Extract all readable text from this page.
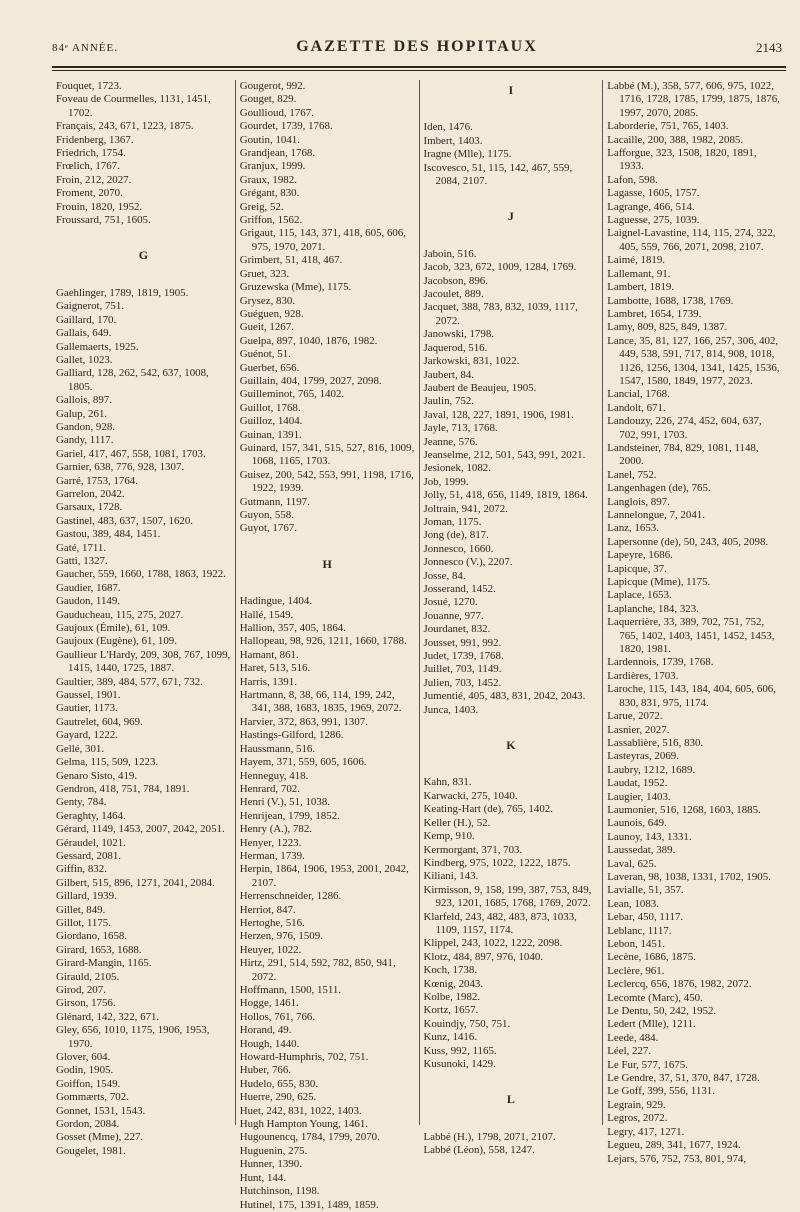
84ᵉ ANNÉE.	GAZETTE DES HOPITAUX	2143

Fouquet, 1723.

Foveau de Courmelles, 1131, 1451, 1702.

Français, 243, 671, 1223, 1875.

Fridenberg, 1367.

Friedrich, 1754.

Frœlich, 1767.

Froin, 212, 2027.

Froment, 2070.

Frouin, 1820, 1952.

Froussard, 751, 1605.

G

Gaehlinger, 1789, 1819, 1905.

Gaignerot, 751.

Gaillard, 170.

Gallais, 649.

Gallemaerts, 1925.

Gallet, 1023.

Galliard, 128, 262, 542, 637, 1008, 1805.

Gallois, 897.

Galup, 261.

Gandon, 928.

Gandy, 1117.

Gariel, 417, 467, 558, 1081, 1703.

Garnier, 638, 776, 928, 1307.

Garré, 1753, 1764.

Garrelon, 2042.

Garsaux, 1728.

Gastinel, 483, 637, 1507, 1620.

Gastou, 389, 484, 1451.

Gaté, 1711.

Gatti, 1327.

Gaucher, 559, 1660, 1788, 1863, 1922.

Gaudier, 1687.

Gaudon, 1149.

Gauducheau, 115, 275, 2027.

Gaujoux (Émile), 61, 109.

Gaujoux (Eugène), 61, 109.

Gaullieur L'Hardy, 209, 308, 767, 1099, 1415, 1440, 1725, 1887.

Gaultier, 389, 484, 577, 671, 732.

Gaussel, 1901.

Gautier, 1173.

Gautrelet, 604, 969.

Gayard, 1222.

Gellé, 301.

Gelma, 115, 509, 1223.

Genaro Sisto, 419.

Gendron, 418, 751, 784, 1891.

Genty, 784.

Geraghty, 1464.

Gérard, 1149, 1453, 2007, 2042, 2051.

Géraudel, 1021.

Gessard, 2081.

Giffin, 832.

Gilbert, 515, 896, 1271, 2041, 2084.

Gillard, 1939.

Gillet, 849.

Gillot, 1175.

Giordano, 1658.

Girard, 1653, 1688.

Girard-Mangin, 1165.

Girauld, 2105.

Girod, 207.

Girson, 1756.

Glénard, 142, 322, 671.

Gley, 656, 1010, 1175, 1906, 1953, 1970.

Glover, 604.

Godin, 1905.

Goiffon, 1549.

Gommærts, 702.

Gonnet, 1531, 1543.

Gordon, 2084.

Gosset (Mme), 227.

Gougelet, 1981.

Gougerot, 992.

Gouget, 829.

Goullioud, 1767.

Gourdet, 1739, 1768.

Goutin, 1041.

Grandjean, 1768.

Granjux, 1999.

Graux, 1982.

Grégant, 830.

Greig, 52.

Griffon, 1562.

Grigaut, 115, 143, 371, 418, 605, 606, 975, 1970, 2071.

Grimbert, 51, 418, 467.

Gruet, 323.

Gruzewska (Mme), 1175.

Grysez, 830.

Guéguen, 928.

Gueit, 1267.

Guelpa, 897, 1040, 1876, 1982.

Guénot, 51.

Guerbet, 656.

Guillain, 404, 1799, 2027, 2098.

Guilleminot, 765, 1402.

Guillot, 1768.

Guilloz, 1404.

Guinan, 1391.

Guinard, 157, 341, 515, 527, 816, 1009, 1068, 1165, 1703.

Guisez, 200, 542, 553, 991, 1198, 1716, 1922, 1939.

Gutmann, 1197.

Guyon, 558.

Guyot, 1767.

H

Hadingue, 1404.

Hallé, 1549.

Hallion, 357, 405, 1864.

Hallopeau, 98, 926, 1211, 1660, 1788.

Hamant, 861.

Haret, 513, 516.

Harris, 1391.

Hartmann, 8, 38, 66, 114, 199, 242, 341, 388, 1683, 1835, 1969, 2072.

Harvier, 372, 863, 991, 1307.

Hastings-Gilford, 1286.

Haussmann, 516.

Hayem, 371, 559, 605, 1606.

Henneguy, 418.

Henrard, 702.

Henri (V.), 51, 1038.

Henrijean, 1799, 1852.

Henry (A.), 782.

Henyer, 1223.

Herman, 1739.

Herpin, 1864, 1906, 1953, 2001, 2042, 2107.

Herrenschneider, 1286.

Herriot, 847.

Hertoghe, 516.

Herzen, 976, 1509.

Heuyer, 1022.

Hirtz, 291, 514, 592, 782, 850, 941, 2072.

Hoffmann, 1500, 1511.

Hogge, 1461.

Hollos, 761, 766.

Horand, 49.

Hough, 1440.

Howard-Humphris, 702, 751.

Huber, 766.

Hudelo, 655, 830.

Huerre, 290, 625.

Huet, 242, 831, 1022, 1403.

Hugh Hampton Young, 1461.

Hugounencq, 1784, 1799, 2070.

Huguenin, 275.

Hunner, 1390.

Hunt, 144.

Hutchinson, 1198.

Hutinel, 175, 1391, 1489, 1859.

I

Iden, 1476.

Imbert, 1403.

Iragne (Mlle), 1175.

Iscovesco, 51, 115, 142, 467, 559, 2084, 2107.

J

Jaboin, 516.

Jacob, 323, 672, 1009, 1284, 1769.

Jacobson, 896.

Jacoulet, 889.

Jacquet, 388, 783, 832, 1039, 1117, 2072.

Janowski, 1798.

Jaquerod, 516.

Jarkowski, 831, 1022.

Jaubert, 84.

Jaubert de Beaujeu, 1905.

Jaulin, 752.

Javal, 128, 227, 1891, 1906, 1981.

Jayle, 713, 1768.

Jeanne, 576.

Jeanselme, 212, 501, 543, 991, 2021.

Jesionek, 1082.

Job, 1999.

Jolly, 51, 418, 656, 1149, 1819, 1864.

Joltrain, 941, 2072.

Joman, 1175.

Jong (de), 817.

Jonnesco, 1660.

Jonnesco (V.), 2207.

Josse, 84.

Josserand, 1452.

Josué, 1270.

Jouanne, 977.

Jourdanet, 832.

Jousset, 991, 992.

Judet, 1739, 1768.

Juillet, 703, 1149.

Julien, 703, 1452.

Jumentié, 405, 483, 831, 2042, 2043.

Junca, 1403.

K

Kahn, 831.

Karwacki, 275, 1040.

Keating-Hart (de), 765, 1402.

Keller (H.), 52.

Kemp, 910.

Kermorgant, 371, 703.

Kindberg, 975, 1022, 1222, 1875.

Kiliani, 143.

Kirmisson, 9, 158, 199, 387, 753, 849, 923, 1201, 1685, 1768, 1769, 2072.

Klarfeld, 243, 482, 483, 873, 1033, 1109, 1157, 1174.

Klippel, 243, 1022, 1222, 2098.

Klotz, 484, 897, 976, 1040.

Koch, 1738.

Kœnig, 2043.

Kolbe, 1982.

Kortz, 1657.

Kouindjy, 750, 751.

Kunz, 1416.

Kuss, 992, 1165.

Kusunoki, 1429.

L

Labbé (H.), 1798, 2071, 2107.

Labbé (Léon), 558, 1247.

Labbé (M.), 358, 577, 606, 975, 1022, 1716, 1728, 1785, 1799, 1875, 1876, 1997, 2070, 2085.

Laborderie, 751, 765, 1403.

Lacaille, 200, 388, 1982, 2085.

Lafforgue, 323, 1508, 1820, 1891, 1933.

Lafon, 598.

Lagasse, 1605, 1757.

Lagrange, 466, 514.

Laguesse, 275, 1039.

Laignel-Lavastine, 114, 115, 274, 322, 405, 559, 766, 2071, 2098, 2107.

Laimé, 1819.

Lallemant, 91.

Lambert, 1819.

Lambotte, 1688, 1738, 1769.

Lambret, 1654, 1739.

Lamy, 809, 825, 849, 1387.

Lance, 35, 81, 127, 166, 257, 306, 402, 449, 538, 591, 717, 814, 908, 1018, 1126, 1256, 1304, 1341, 1425, 1536, 1547, 1580, 1849, 1977, 2023.

Lancial, 1768.

Landolt, 671.

Landouzy, 226, 274, 452, 604, 637, 702, 991, 1703.

Landsteiner, 784, 829, 1081, 1148, 2000.

Lanel, 752.

Langenhagen (de), 765.

Langlois, 897.

Lannelongue, 7, 2041.

Lanz, 1653.

Lapersonne (de), 50, 243, 405, 2098.

Lapeyre, 1686.

Lapicque, 37.

Lapicque (Mme), 1175.

Laplace, 1653.

Laplanche, 184, 323.

Laquerrière, 33, 389, 702, 751, 752, 765, 1402, 1403, 1451, 1452, 1453, 1820, 1981.

Lardennois, 1739, 1768.

Lardières, 1703.

Laroche, 115, 143, 184, 404, 605, 606, 830, 831, 975, 1174.

Larue, 2072.

Lasnier, 2027.

Lassablière, 516, 830.

Lasteyras, 2069.

Laubry, 1212, 1689.

Laudat, 1952.

Laugier, 1403.

Laumonier, 516, 1268, 1603, 1885.

Launois, 649.

Launoy, 143, 1331.

Laussedat, 389.

Laval, 625.

Laveran, 98, 1038, 1331, 1702, 1905.

Lavialle, 51, 357.

Lean, 1083.

Lebar, 450, 1117.

Leblanc, 1117.

Lebon, 1451.

Lecène, 1686, 1875.

Leclère, 961.

Leclercq, 656, 1876, 1982, 2072.

Lecomte (Marc), 450.

Le Dentu, 50, 242, 1952.

Ledert (Mlle), 1211.

Leede, 484.

Léel, 227.

Le Fur, 577, 1675.

Le Gendre, 37, 51, 370, 847, 1728.

Le Goff, 399, 556, 1131.

Legrain, 929.

Legros, 2072.

Legry, 417, 1271.

Legueu, 289, 341, 1677, 1924.

Lejars, 576, 752, 753, 801, 974,
